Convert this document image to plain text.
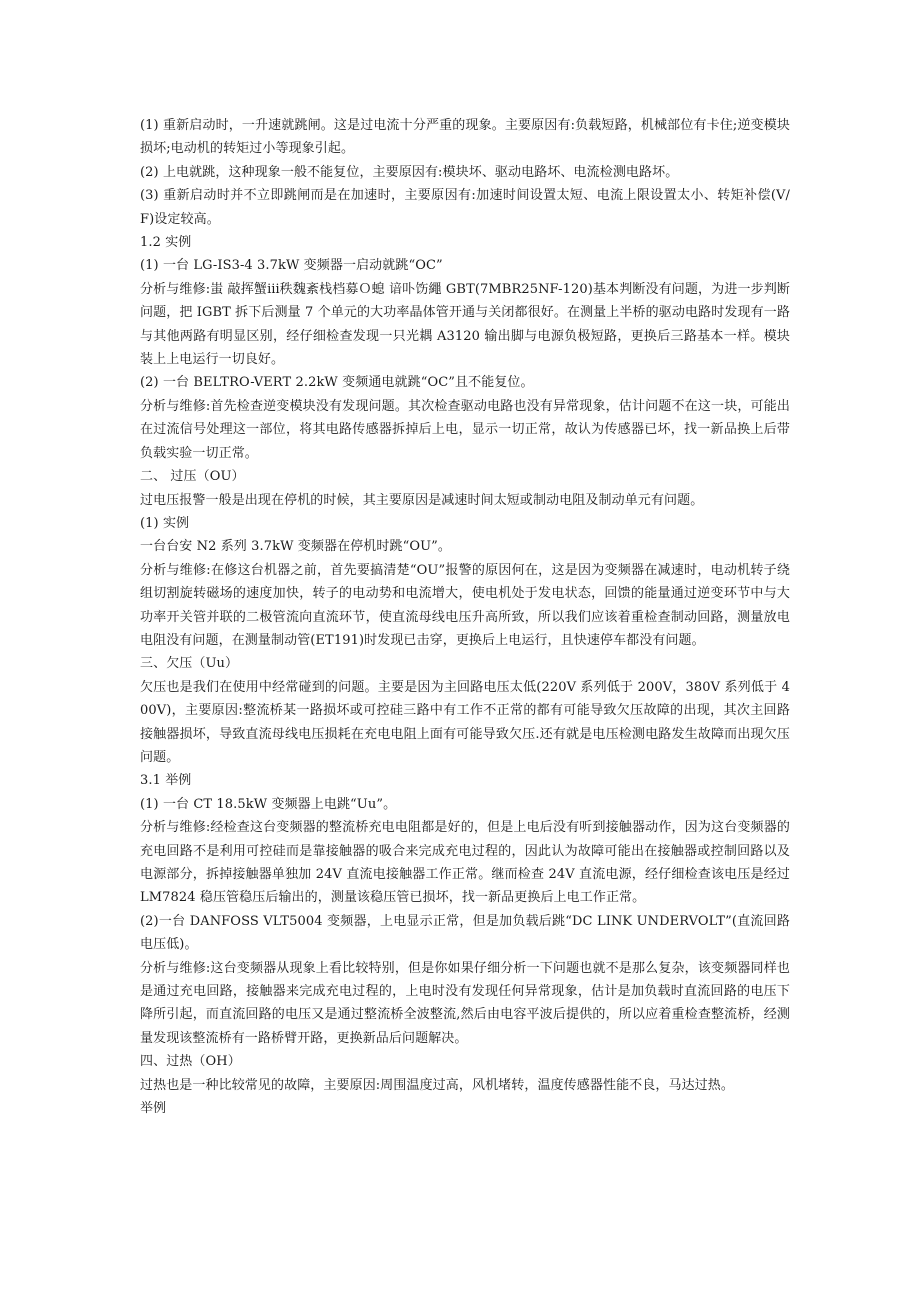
(1) 重新启动时，一升速就跳闸。这是过电流十分严重的现象。主要原因有:负载短路，机械部位有卡住;逆变模块损坏;电动机的转矩过小等现象引起。

(2) 上电就跳，这种现象一般不能复位，主要原因有:模块坏、驱动电路坏、电流检测电路坏。

(3) 重新启动时并不立即跳闸而是在加速时，主要原因有:加速时间设置太短、电流上限设置太小、转矩补偿(V/F)设定较高。

1.2 实例

(1) 一台 LG-IS3-4 3.7kW 变频器一启动就跳“OC”

分析与维修:蚩 敲挥蟹ⅲ秩魏紊栈档募Ｏ螅 谙卟饬繩 GBT(7MBR25NF-120)基本判断没有问题，为进一步判断问题，把 IGBT 拆下后测量 7 个单元的大功率晶体管开通与关闭都很好。在测量上半桥的驱动电路时发现有一路与其他两路有明显区别，经仔细检查发现一只光耦 A3120 输出脚与电源负极短路，更换后三路基本一样。模块装上上电运行一切良好。

(2) 一台 BELTRO-VERT 2.2kW 变频通电就跳“OC”且不能复位。

分析与维修:首先检查逆变模块没有发现问题。其次检查驱动电路也没有异常现象，估计问题不在这一块，可能出在过流信号处理这一部位，将其电路传感器拆掉后上电，显示一切正常，故认为传感器已坏，找一新品换上后带负载实验一切正常。

二、 过压（OU）

过电压报警一般是出现在停机的时候，其主要原因是减速时间太短或制动电阻及制动单元有问题。

(1) 实例

一台台安 N2 系列 3.7kW 变频器在停机时跳“OU”。

分析与维修:在修这台机器之前，首先要搞清楚“OU”报警的原因何在，这是因为变频器在减速时，电动机转子绕组切割旋转磁场的速度加快，转子的电动势和电流增大，使电机处于发电状态，回馈的能量通过逆变环节中与大功率开关管并联的二极管流向直流环节，使直流母线电压升高所致，所以我们应该着重检查制动回路，测量放电电阻没有问题，在测量制动管(ET191)时发现已击穿，更换后上电运行，且快速停车都没有问题。

三、欠压（Uu）

欠压也是我们在使用中经常碰到的问题。主要是因为主回路电压太低(220V 系列低于 200V，380V 系列低于 400V)，主要原因:整流桥某一路损坏或可控硅三路中有工作不正常的都有可能导致欠压故障的出现，其次主回路接触器损坏，导致直流母线电压损耗在充电电阻上面有可能导致欠压.还有就是电压检测电路发生故障而出现欠压问题。

3.1 举例

(1) 一台 CT 18.5kW 变频器上电跳“Uu”。

分析与维修:经检查这台变频器的整流桥充电电阻都是好的，但是上电后没有听到接触器动作，因为这台变频器的充电回路不是利用可控硅而是靠接触器的吸合来完成充电过程的，因此认为故障可能出在接触器或控制回路以及电源部分，拆掉接触器单独加 24V 直流电接触器工作正常。继而检查 24V 直流电源，经仔细检查该电压是经过 LM7824 稳压管稳压后输出的，测量该稳压管已损坏，找一新品更换后上电工作正常。

(2)一台 DANFOSS VLT5004 变频器，上电显示正常，但是加负载后跳“DC LINK UNDERVOLT”(直流回路电压低)。

分析与维修:这台变频器从现象上看比较特别，但是你如果仔细分析一下问题也就不是那么复杂，该变频器同样也是通过充电回路，接触器来完成充电过程的，上电时没有发现任何异常现象，估计是加负载时直流回路的电压下降所引起，而直流回路的电压又是通过整流桥全波整流,然后由电容平波后提供的，所以应着重检查整流桥，经测量发现该整流桥有一路桥臂开路，更换新品后问题解决。

四、过热（OH）

过热也是一种比较常见的故障，主要原因:周围温度过高，风机堵转，温度传感器性能不良，马达过热。

举例
